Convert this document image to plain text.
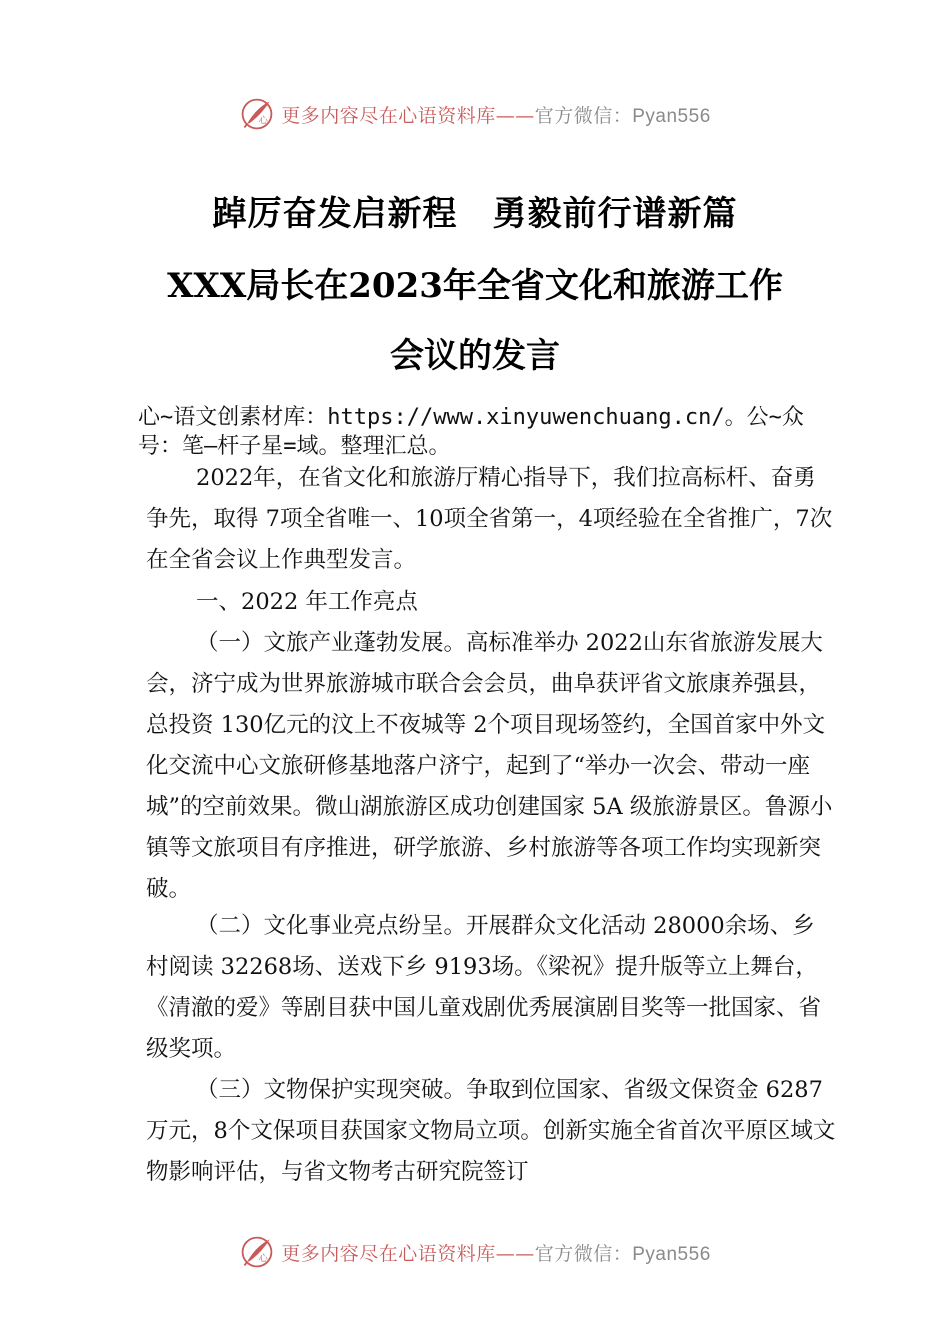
心 更多内容尽在心语资料库——官方微信：Pyan556
踔厉奋发启新程　勇毅前行谱新篇
XXX局长在2023年全省文化和旅游工作
会议的发言
心~语文创素材库：https://www.xinyuwenchuang.cn/。公~众
号：笔—杆子星=域。整理汇总。
2022年，在省文化和旅游厅精心指导下，我们拉高标杆、奋勇争先，取得 7项全省唯一、10项全省第一，4项经验在全省推广，7次在全省会议上作典型发言。
一、2022 年工作亮点
（一）文旅产业蓬勃发展。高标准举办 2022山东省旅游发展大会，济宁成为世界旅游城市联合会会员，曲阜获评省文旅康养强县，总投资 130亿元的汶上不夜城等 2个项目现场签约，全国首家中外文化交流中心文旅研修基地落户济宁，起到了“举办一次会、带动一座城”的空前效果。微山湖旅游区成功创建国家 5A 级旅游景区。鲁源小镇等文旅项目有序推进，研学旅游、乡村旅游等各项工作均实现新突破。
（二）文化事业亮点纷呈。开展群众文化活动 28000余场、乡村阅读 32268场、送戏下乡 9193场。《梁祝》提升版等立上舞台，《清澈的爱》等剧目获中国儿童戏剧优秀展演剧目奖等一批国家、省级奖项。
（三）文物保护实现突破。争取到位国家、省级文保资金 6287万元，8个文保项目获国家文物局立项。创新实施全省首次平原区域文物影响评估，与省文物考古研究院签订
心 更多内容尽在心语资料库——官方微信：Pyan556
